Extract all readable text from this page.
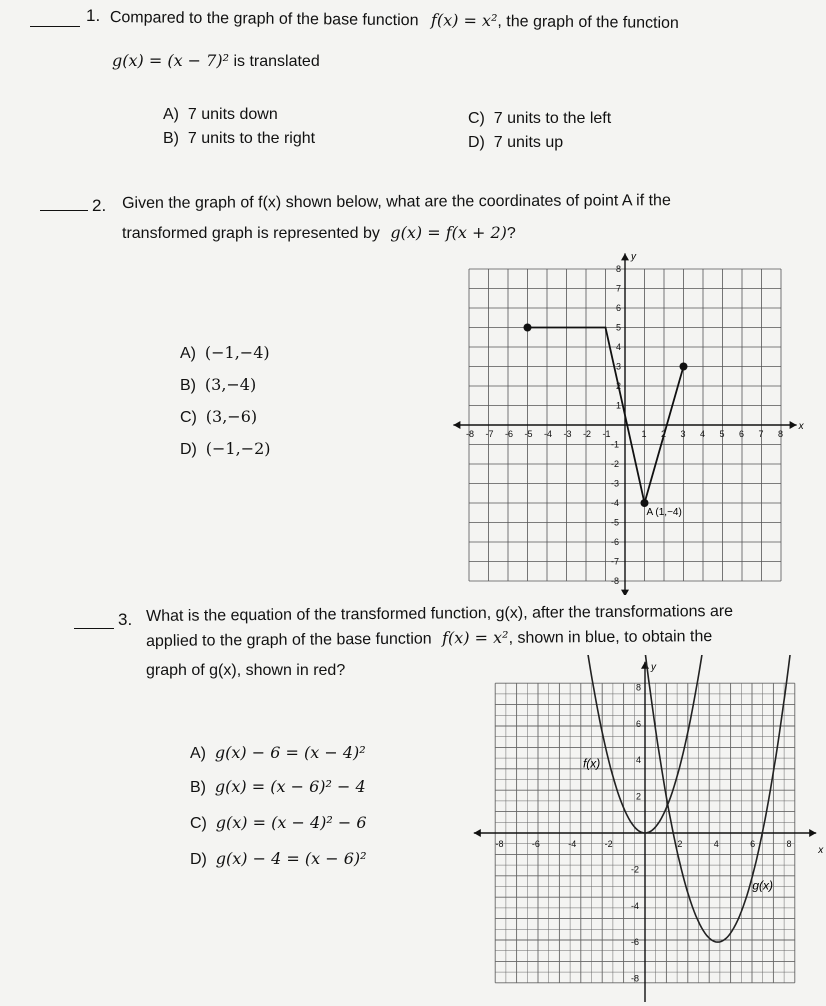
1. Compared to the graph of the base function f(x) = x², the graph of the function
g(x) = (x − 7)² is translated
A) 7 units down
B) 7 units to the right
C) 7 units to the left
D) 7 units up
2. Given the graph of f(x) shown below, what are the coordinates of point A if the
transformed graph is represented by g(x) = f(x + 2)?
A) (−1,−4)
B) (3,−4)
C) (3,−6)
D) (−1,−2)
-8 -7 -6 -5 -4 -3 -2 -1	1 2 3 4 5 6 7 8
-8
-7
-6
-5
-4
-3
-2
-1
1
2
3
4
5
6
7
8
x
y
A (1,−4)
3. What is the equation of the transformed function, g(x), after the transformations are
applied to the graph of the base function f(x) = x², shown in blue, to obtain the
graph of g(x), shown in red?
A) g(x) − 6 = (x − 4)²
B) g(x) = (x − 6)² − 4
C) g(x) = (x − 4)² − 6
D) g(x) − 4 = (x − 6)²
-8	-6	-4	-2	2	4	6	8
8
6
4
2
-2
-4
-6
-8
f(x)
g(x)
x
y
